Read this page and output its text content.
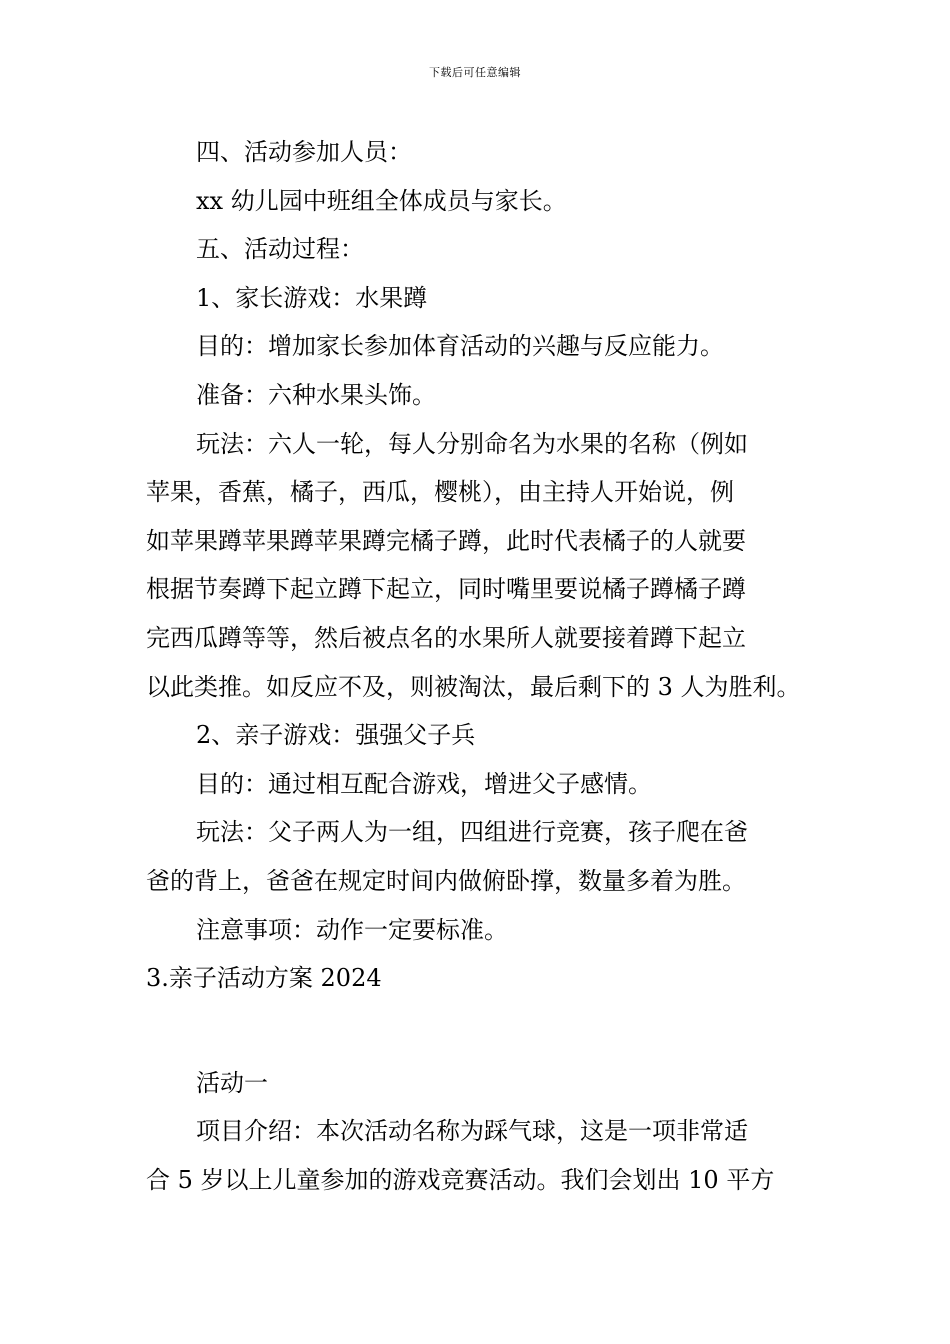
下载后可任意编辑
四、活动参加人员：
xx 幼儿园中班组全体成员与家长。
五、活动过程：
1、家长游戏：水果蹲
目的：增加家长参加体育活动的兴趣与反应能力。
准备：六种水果头饰。
玩法：六人一轮，每人分别命名为水果的名称（例如
苹果，香蕉，橘子，西瓜，樱桃），由主持人开始说，例
如苹果蹲苹果蹲苹果蹲完橘子蹲，此时代表橘子的人就要
根据节奏蹲下起立蹲下起立，同时嘴里要说橘子蹲橘子蹲
完西瓜蹲等等，然后被点名的水果所人就要接着蹲下起立
以此类推。如反应不及，则被淘汰，最后剩下的 3 人为胜利。
2、亲子游戏：强强父子兵
目的：通过相互配合游戏，增进父子感情。
玩法：父子两人为一组，四组进行竞赛，孩子爬在爸
爸的背上，爸爸在规定时间内做俯卧撑，数量多着为胜。
注意事项：动作一定要标准。
3.亲子活动方案 2024
活动一
项目介绍：本次活动名称为踩气球，这是一项非常适
合 5 岁以上儿童参加的游戏竞赛活动。我们会划出 10 平方
